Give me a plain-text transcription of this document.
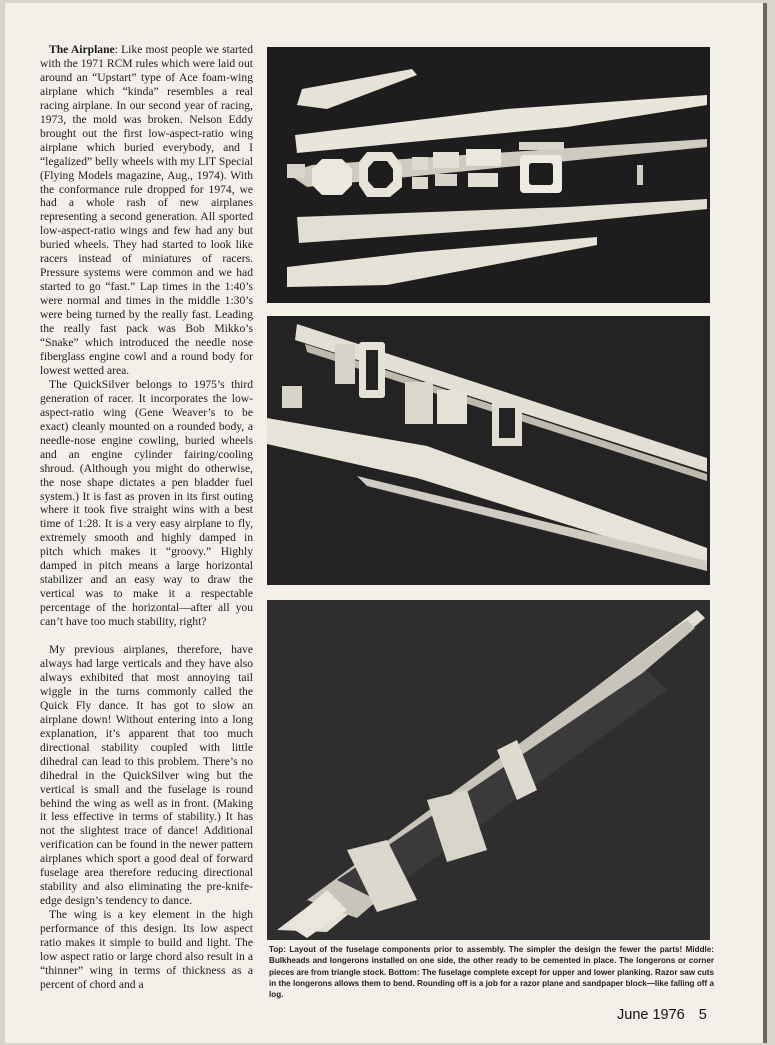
The Airplane: Like most people we started with the 1971 RCM rules which were laid out around an “Upstart” type of Ace foam-wing airplane which “kinda” resembles a real racing airplane. In our second year of racing, 1973, the mold was broken. Nelson Eddy brought out the first low-aspect-ratio wing airplane which buried everybody, and I “legalized” belly wheels with my LIT Special (Flying Models magazine, Aug., 1974). With the conformance rule dropped for 1974, we had a whole rash of new airplanes representing a second generation. All sported low-aspect-ratio wings and few had any but buried wheels. They had started to look like racers instead of miniatures of racers. Pressure systems were common and we had started to go “fast.” Lap times in the 1:40’s were normal and times in the middle 1:30’s were being turned by the really fast. Leading the really fast pack was Bob Mikko’s “Snake” which introduced the needle nose fiberglass engine cowl and a round body for lowest wetted area.

The QuickSilver belongs to 1975’s third generation of racer. It incorporates the low-aspect-ratio wing (Gene Weaver’s to be exact) cleanly mounted on a rounded body, a needle-nose engine cowling, buried wheels and an engine cylinder fairing/cooling shroud. (Although you might do otherwise, the nose shape dictates a pen bladder fuel system.) It is fast as proven in its first outing where it took five straight wins with a best time of 1:28. It is a very easy airplane to fly, extremely smooth and highly damped in pitch which makes it “groovy.” Highly damped in pitch means a large horizontal stabilizer and an easy way to draw the vertical was to make it a respectable percentage of the horizontal—after all you can’t have too much stability, right?

My previous airplanes, therefore, have always had large verticals and they have also always exhibited that most annoying tail wiggle in the turns commonly called the Quick Fly dance. It has got to slow an airplane down! Without entering into a long explanation, it’s apparent that too much directional stability coupled with little dihedral can lead to this problem. There’s no dihedral in the QuickSilver wing but the vertical is small and the fuselage is round behind the wing as well as in front. (Making it less effective in terms of stability.) It has not the slightest trace of dance! Additional verification can be found in the newer pattern airplanes which sport a good deal of forward fuselage area therefore reducing directional stability and also eliminating the pre-knife-edge design’s tendency to dance.

The wing is a key element in the high performance of this design. Its low aspect ratio makes it simple to build and light. The low aspect ratio or large chord also result in a “thinner” wing in terms of thickness as a percent of chord and a

Top: Layout of the fuselage components prior to assembly. The simpler the design the fewer the parts! Middle: Bulkheads and longerons installed on one side, the other ready to be cemented in place. The longerons or corner pieces are from triangle stock. Bottom: The fuselage complete except for upper and lower planking. Razor saw cuts in the longerons allows them to bend. Rounding off is a job for a razor plane and sandpaper block—like falling off a log.
June 1976 5
